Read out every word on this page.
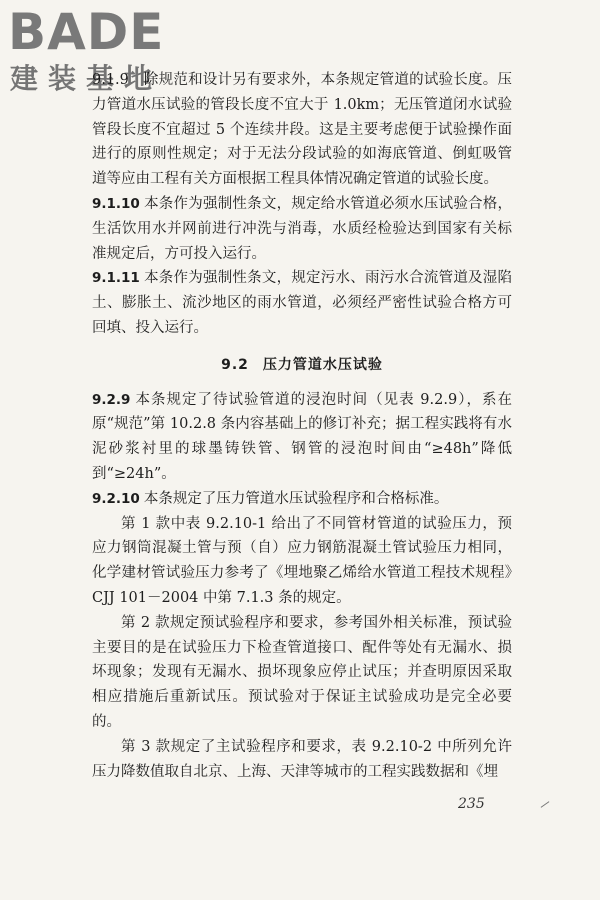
BADE
建装基地

9.1.9　除规范和设计另有要求外，本条规定管道的试验长度。压力管道水压试验的管段长度不宜大于 1.0km；无压管道闭水试验管段长度不宜超过 5 个连续井段。这是主要考虑便于试验操作面进行的原则性规定；对于无法分段试验的如海底管道、倒虹吸管道等应由工程有关方面根据工程具体情况确定管道的试验长度。

9.1.10 本条作为强制性条文，规定给水管道必须水压试验合格，生活饮用水并网前进行冲洗与消毒，水质经检验达到国家有关标准规定后，方可投入运行。

9.1.11 本条作为强制性条文，规定污水、雨污水合流管道及湿陷土、膨胀土、流沙地区的雨水管道，必须经严密性试验合格方可回填、投入运行。

9.2 压力管道水压试验

9.2.9 本条规定了待试验管道的浸泡时间（见表 9.2.9），系在原“规范”第 10.2.8 条内容基础上的修订补充；据工程实践将有水泥砂浆衬里的球墨铸铁管、钢管的浸泡时间由“≥48h”降低到“≥24h”。

9.2.10 本条规定了压力管道水压试验程序和合格标准。

第 1 款中表 9.2.10-1 给出了不同管材管道的试验压力，预应力钢筒混凝土管与预（自）应力钢筋混凝土管试验压力相同，化学建材管试验压力参考了《埋地聚乙烯给水管道工程技术规程》CJJ 101－2004 中第 7.1.3 条的规定。

第 2 款规定预试验程序和要求，参考国外相关标准，预试验主要目的是在试验压力下检查管道接口、配件等处有无漏水、损坏现象；发现有无漏水、损坏现象应停止试压；并查明原因采取相应措施后重新试压。预试验对于保证主试验成功是完全必要的。

第 3 款规定了主试验程序和要求，表 9.2.10-2 中所列允许压力降数值取自北京、上海、天津等城市的工程实践数据和《埋

235
